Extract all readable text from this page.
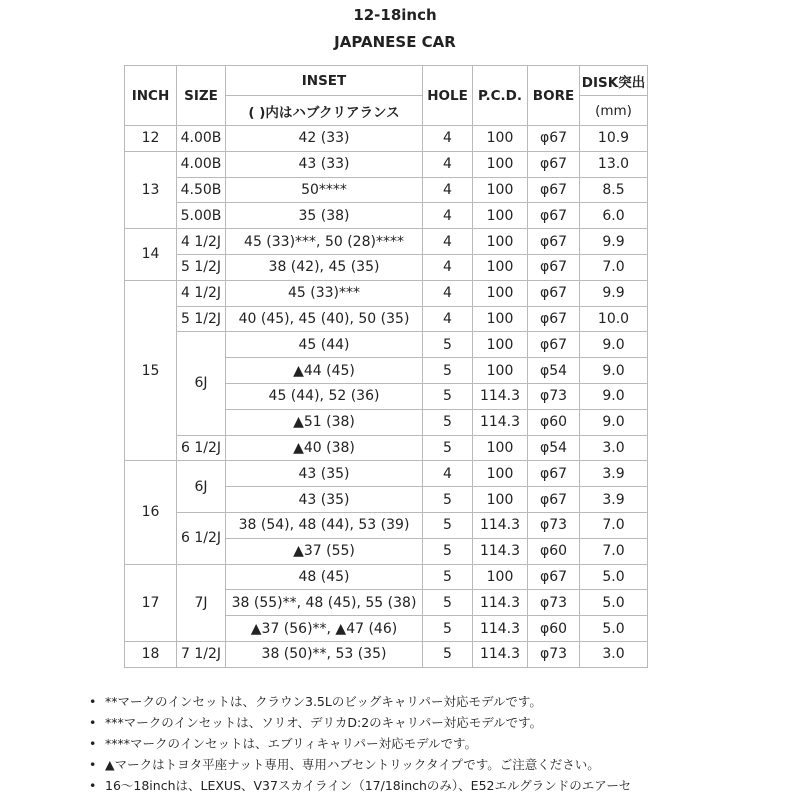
12-18inch
JAPANESE CAR
INCH	SIZE	INSET	HOLE	P.C.D.	BORE	DISK突出
		( )内はハブクリアランス				(mm)
12	4.00B	42 (33)	4	100	φ67	10.9
13	4.00B	43 (33)	4	100	φ67	13.0
	4.50B	50****	4	100	φ67	8.5
	5.00B	35 (38)	4	100	φ67	6.0
14	4 1/2J	45 (33)***, 50 (28)****	4	100	φ67	9.9
	5 1/2J	38 (42), 45 (35)	4	100	φ67	7.0
15	4 1/2J	45 (33)***	4	100	φ67	9.9
	5 1/2J	40 (45), 45 (40), 50 (35)	4	100	φ67	10.0
	6J	45 (44)	5	100	φ67	9.0
		▲44 (45)	5	100	φ54	9.0
		45 (44), 52 (36)	5	114.3	φ73	9.0
		▲51 (38)	5	114.3	φ60	9.0
	6 1/2J	▲40 (38)	5	100	φ54	3.0
16	6J	43 (35)	4	100	φ67	3.9
		43 (35)	5	100	φ67	3.9
	6 1/2J	38 (54), 48 (44), 53 (39)	5	114.3	φ73	7.0
		▲37 (55)	5	114.3	φ60	7.0
17	7J	48 (45)	5	100	φ67	5.0
		38 (55)**, 48 (45), 55 (38)	5	114.3	φ73	5.0
		▲37 (56)**, ▲47 (46)	5	114.3	φ60	5.0
18	7 1/2J	38 (50)**, 53 (35)	5	114.3	φ73	3.0
• **マークのインセットは、クラウン3.5Lのビッグキャリパー対応モデルです。
• ***マークのインセットは、ソリオ、デリカD:2のキャリパー対応モデルです。
• ****マークのインセットは、エブリィキャリパー対応モデルです。
• ▲マークはトヨタ平座ナット専用、専用ハブセントリックタイプです。ご注意ください。
• 16～18inchは、LEXUS、V37スカイライン（17/18inchのみ）、E52エルグランドのエアーセ
